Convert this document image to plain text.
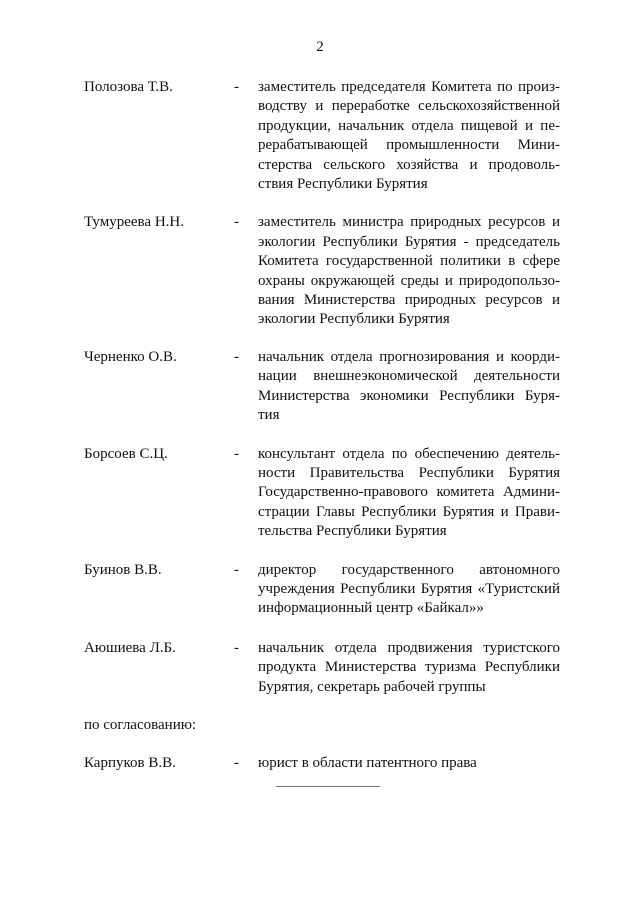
2
Полозова Т.В.	- заместитель председателя Комитета по произ-
водству и переработке сельскохозяйственной
продукции, начальник отдела пищевой и пе-
рерабатывающей промышленности Мини-
стерства сельского хозяйства и продоволь-
ствия Республики Бурятия
Тумуреева Н.Н.	- заместитель министра природных ресурсов и
экологии Республики Бурятия - председатель
Комитета государственной политики в сфере
охраны окружающей среды и природопользо-
вания Министерства природных ресурсов и
экологии Республики Бурятия
Черненко О.В.	- начальник отдела прогнозирования и коорди-
нации внешнеэкономической деятельности
Министерства экономики Республики Буря-
тия
Борсоев С.Ц.	- консультант отдела по обеспечению деятель-
ности Правительства Республики Бурятия
Государственно-правового комитета Админи-
страции Главы Республики Бурятия и Прави-
тельства Республики Бурятия
Буинов В.В.	- директор государственного автономного
учреждения Республики Бурятия «Туристский
информационный центр «Байкал»»
Аюшиева Л.Б.	- начальник отдела продвижения туристского
продукта Министерства туризма Республики
Бурятия, секретарь рабочей группы
по согласованию:
Карпуков В.В.	- юрист в области патентного права
